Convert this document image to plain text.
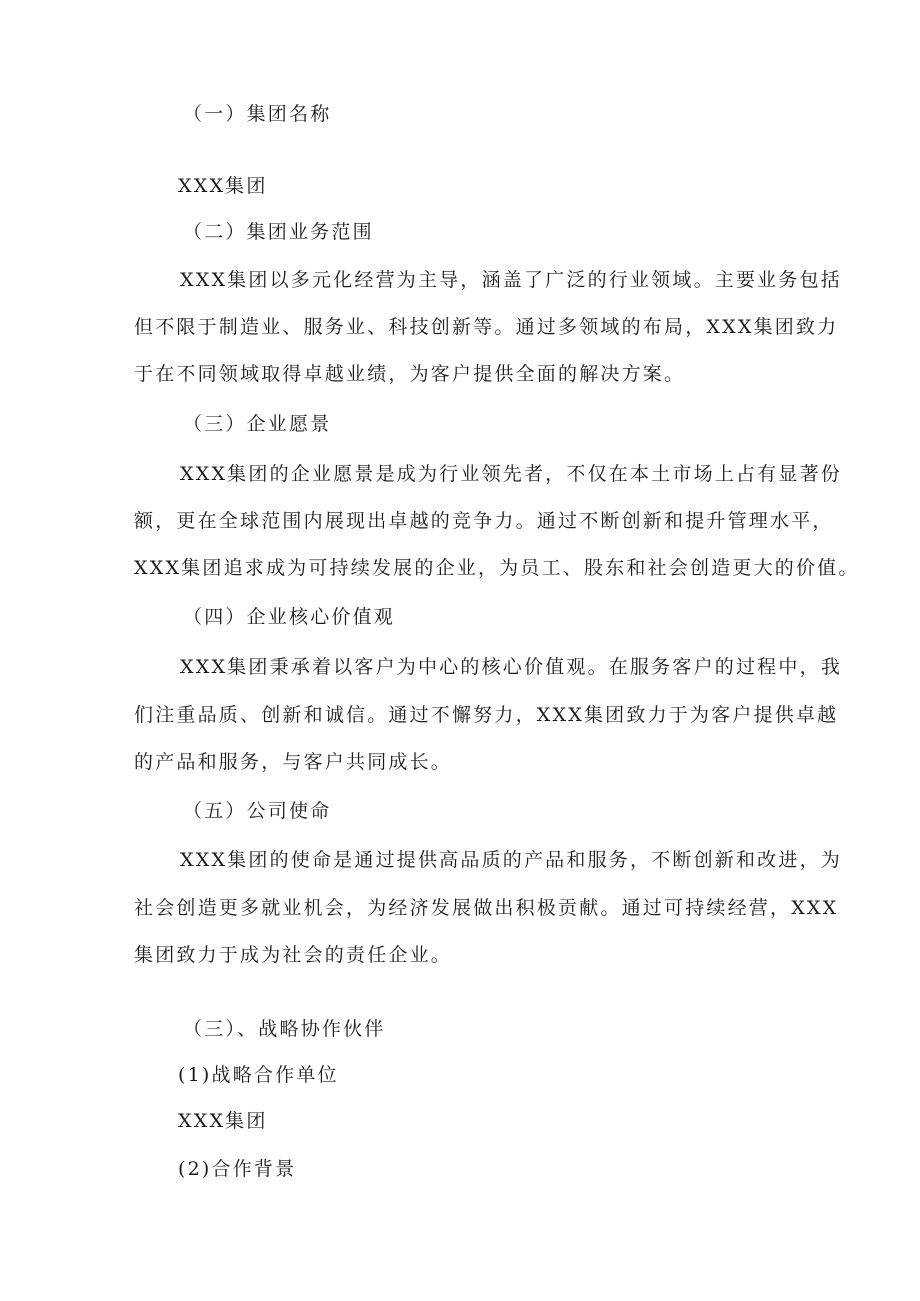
（一）集团名称
XXX集团
（二）集团业务范围
XXX集团以多元化经营为主导，涵盖了广泛的行业领域。主要业务包括
但不限于制造业、服务业、科技创新等。通过多领域的布局，XXX集团致力
于在不同领域取得卓越业绩，为客户提供全面的解决方案。
（三）企业愿景
XXX集团的企业愿景是成为行业领先者，不仅在本土市场上占有显著份
额，更在全球范围内展现出卓越的竞争力。通过不断创新和提升管理水平，
XXX集团追求成为可持续发展的企业，为员工、股东和社会创造更大的价值。
（四）企业核心价值观
XXX集团秉承着以客户为中心的核心价值观。在服务客户的过程中，我
们注重品质、创新和诚信。通过不懈努力，XXX集团致力于为客户提供卓越
的产品和服务，与客户共同成长。
（五）公司使命
XXX集团的使命是通过提供高品质的产品和服务，不断创新和改进，为
社会创造更多就业机会，为经济发展做出积极贡献。通过可持续经营，XXX
集团致力于成为社会的责任企业。
（三）、战略协作伙伴
(1)战略合作单位
XXX集团
(2)合作背景
